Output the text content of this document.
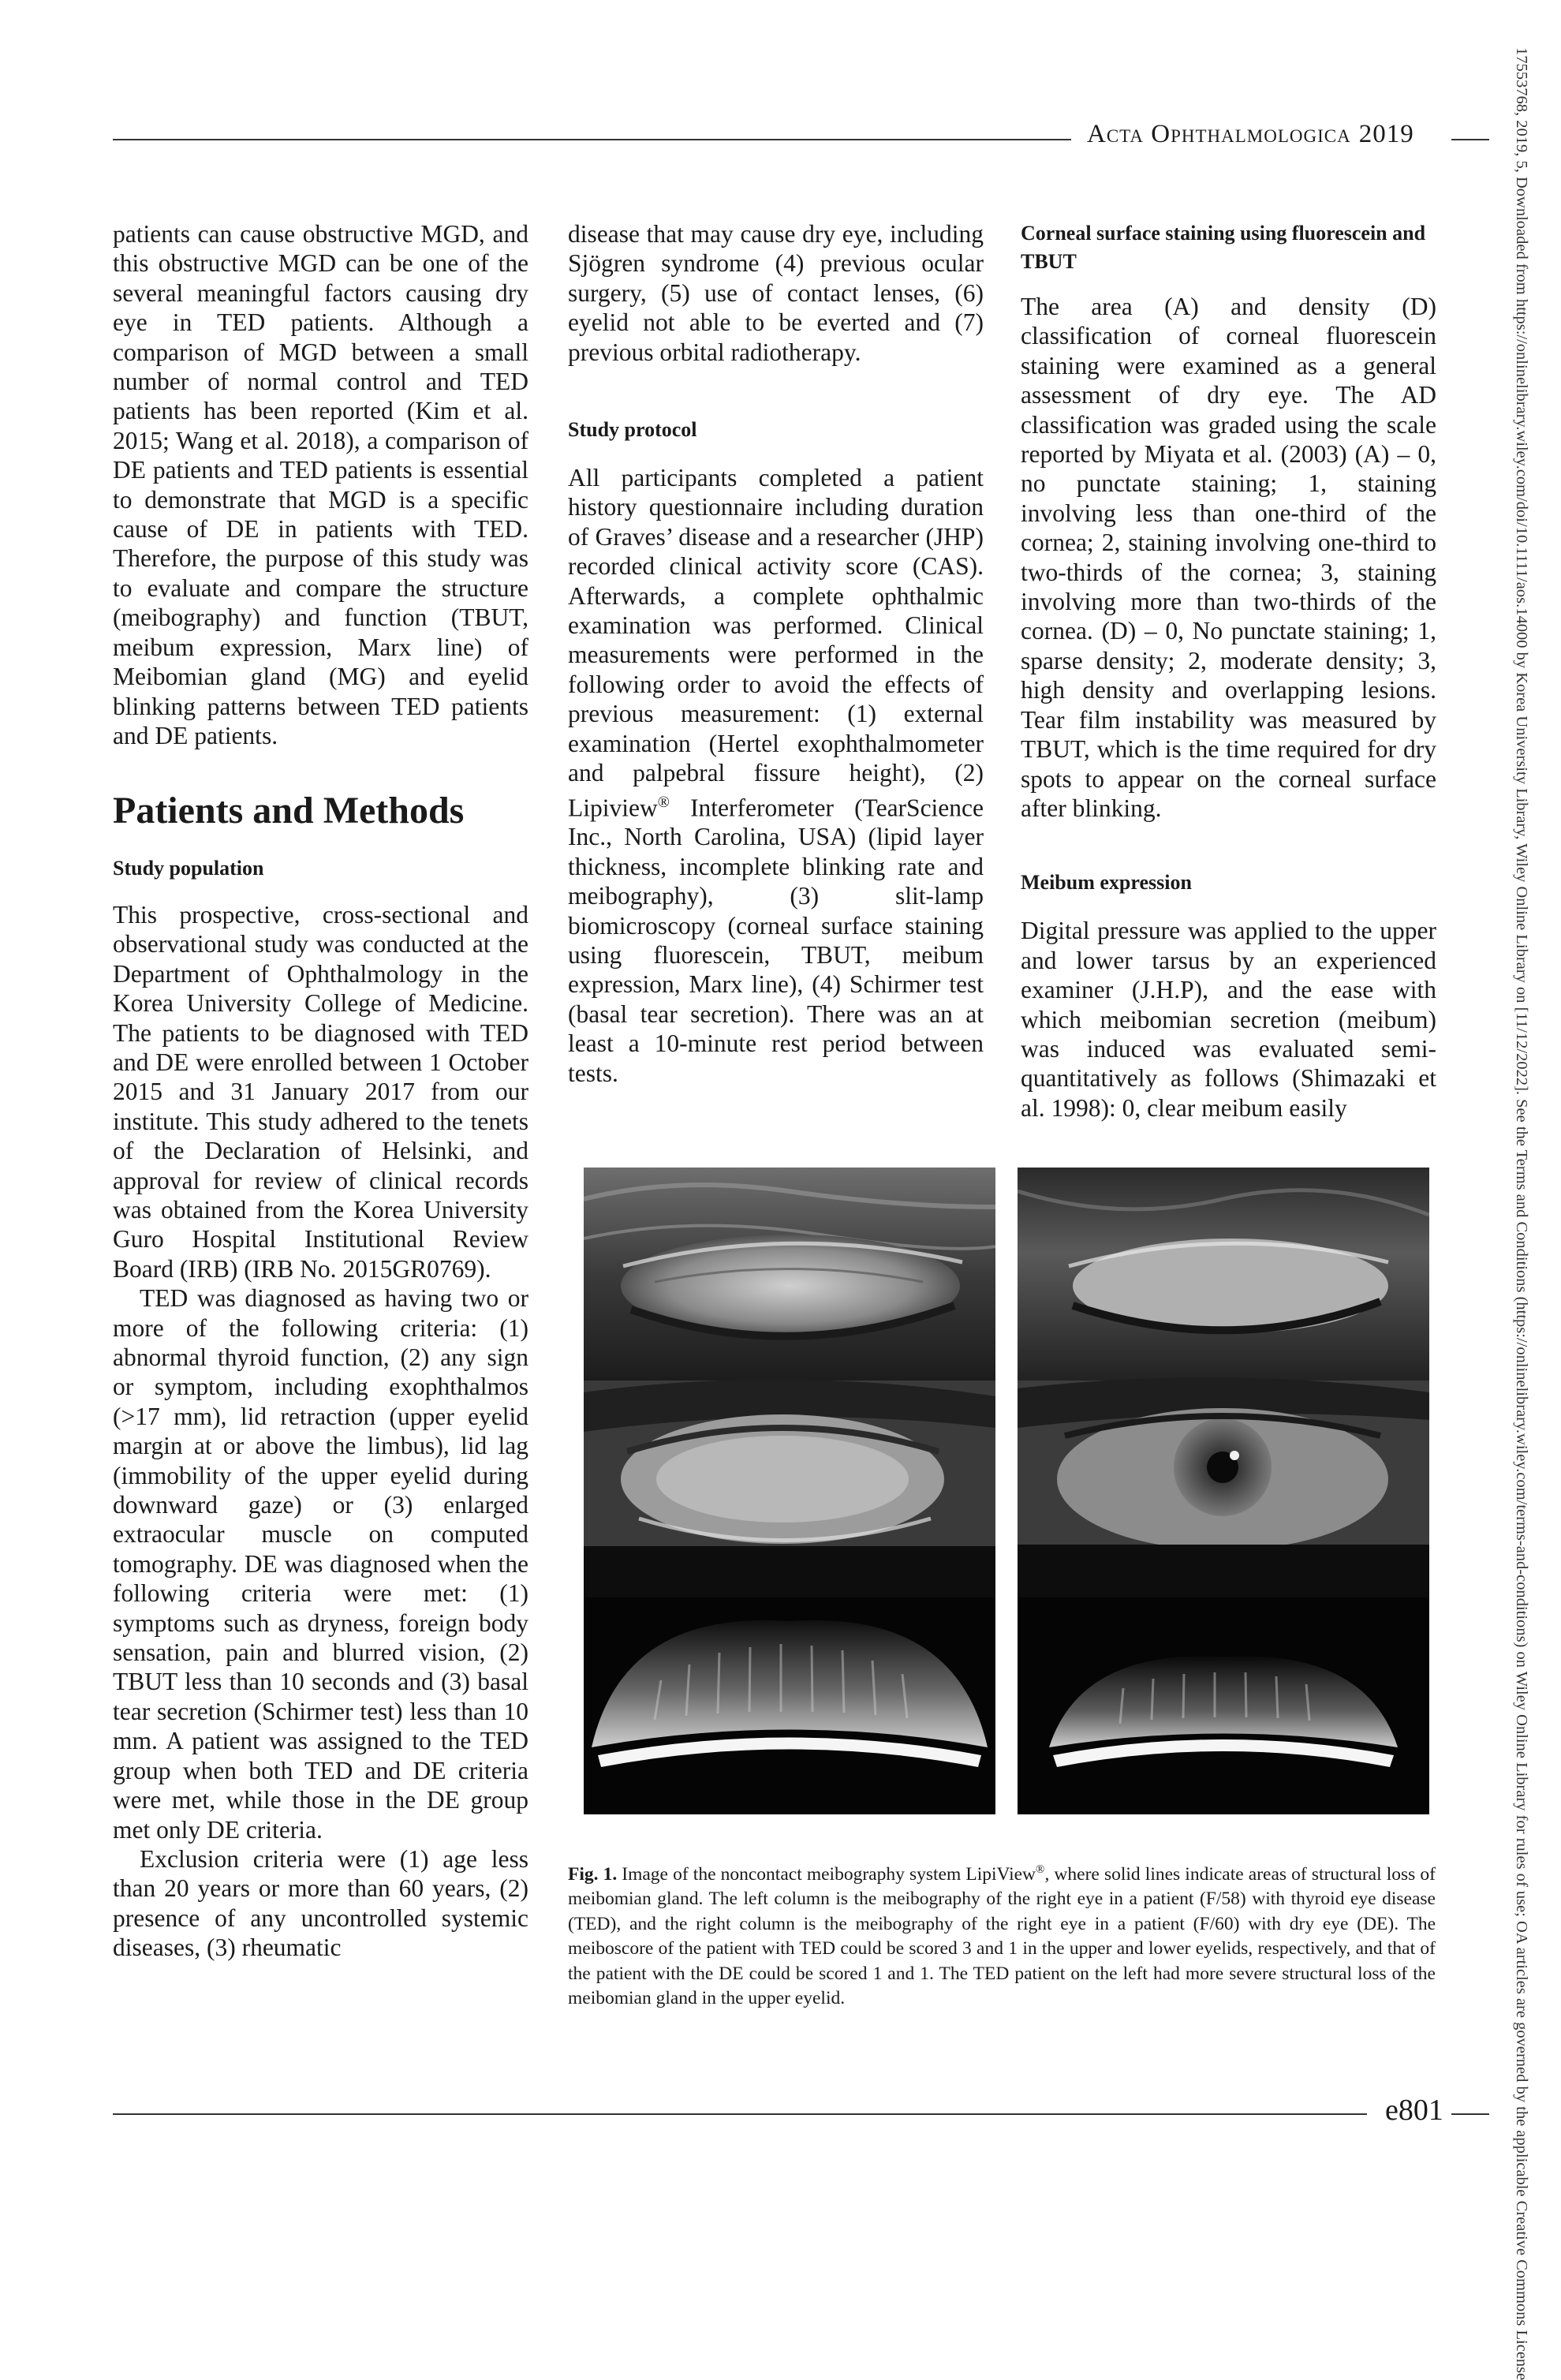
Acta Ophthalmologica 2019	17553768, 2019, 5, Downloaded from https://onlinelibrary.wiley.com/doi/10.1111/aos.14000 by Korea University Library, Wiley Online Library on [11/12/2022]. See the Terms and Conditions (https://onlinelibrary.wiley.com/terms-and-conditions) on Wiley Online Library for rules of use; OA articles are governed by the applicable Creative Commons License

patients can cause obstructive MGD, and this obstructive MGD can be one of the several meaningful factors causing dry eye in TED patients. Although a comparison of MGD between a small number of normal control and TED patients has been reported (Kim et al. 2015; Wang et al. 2018), a comparison of DE patients and TED patients is essential to demonstrate that MGD is a specific cause of DE in patients with TED. Therefore, the purpose of this study was to evaluate and compare the structure (meibography) and function (TBUT, meibum expression, Marx line) of Meibomian gland (MG) and eyelid blinking patterns between TED patients and DE patients.

Patients and Methods
Study population

This prospective, cross-sectional and observational study was conducted at the Department of Ophthalmology in the Korea University College of Medicine. The patients to be diagnosed with TED and DE were enrolled between 1 October 2015 and 31 January 2017 from our institute. This study adhered to the tenets of the Declaration of Helsinki, and approval for review of clinical records was obtained from the Korea University Guro Hospital Institutional Review Board (IRB) (IRB No. 2015GR0769).

TED was diagnosed as having two or more of the following criteria: (1) abnormal thyroid function, (2) any sign or symptom, including exophthalmos (>17 mm), lid retraction (upper eyelid margin at or above the limbus), lid lag (immobility of the upper eyelid during downward gaze) or (3) enlarged extraocular muscle on computed tomography. DE was diagnosed when the following criteria were met: (1) symptoms such as dryness, foreign body sensation, pain and blurred vision, (2) TBUT less than 10 seconds and (3) basal tear secretion (Schirmer test) less than 10 mm. A patient was assigned to the TED group when both TED and DE criteria were met, while those in the DE group met only DE criteria.

Exclusion criteria were (1) age less than 20 years or more than 60 years, (2) presence of any uncontrolled systemic diseases, (3) rheumatic

disease that may cause dry eye, including Sjögren syndrome (4) previous ocular surgery, (5) use of contact lenses, (6) eyelid not able to be everted and (7) previous orbital radiotherapy.

Study protocol

All participants completed a patient history questionnaire including duration of Graves’ disease and a researcher (JHP) recorded clinical activity score (CAS). Afterwards, a complete ophthalmic examination was performed. Clinical measurements were performed in the following order to avoid the effects of previous measurement: (1) external examination (Hertel exophthalmometer and palpebral fissure height), (2) Lipiview® Interferometer (TearScience Inc., North Carolina, USA) (lipid layer thickness, incomplete blinking rate and meibography), (3) slit-lamp biomicroscopy (corneal surface staining using fluorescein, TBUT, meibum expression, Marx line), (4) Schirmer test (basal tear secretion). There was an at least a 10-minute rest period between tests.

Corneal surface staining using fluorescein and TBUT

The area (A) and density (D) classification of corneal fluorescein staining were examined as a general assessment of dry eye. The AD classification was graded using the scale reported by Miyata et al. (2003) (A) – 0, no punctate staining; 1, staining involving less than one-third of the cornea; 2, staining involving one-third to two-thirds of the cornea; 3, staining involving more than two-thirds of the cornea. (D) – 0, No punctate staining; 1, sparse density; 2, moderate density; 3, high density and overlapping lesions. Tear film instability was measured by TBUT, which is the time required for dry spots to appear on the corneal surface after blinking.

Meibum expression

Digital pressure was applied to the upper and lower tarsus by an experienced examiner (J.H.P), and the ease with which meibomian secretion (meibum) was induced was evaluated semi-quantitatively as follows (Shimazaki et al. 1998): 0, clear meibum easily

Fig. 1. Image of the noncontact meibography system LipiView®, where solid lines indicate areas of structural loss of meibomian gland. The left column is the meibography of the right eye in a patient (F/58) with thyroid eye disease (TED), and the right column is the meibography of the right eye in a patient (F/60) with dry eye (DE). The meiboscore of the patient with TED could be scored 3 and 1 in the upper and lower eyelids, respectively, and that of the patient with the DE could be scored 1 and 1. The TED patient on the left had more severe structural loss of the meibomian gland in the upper eyelid.
e801
